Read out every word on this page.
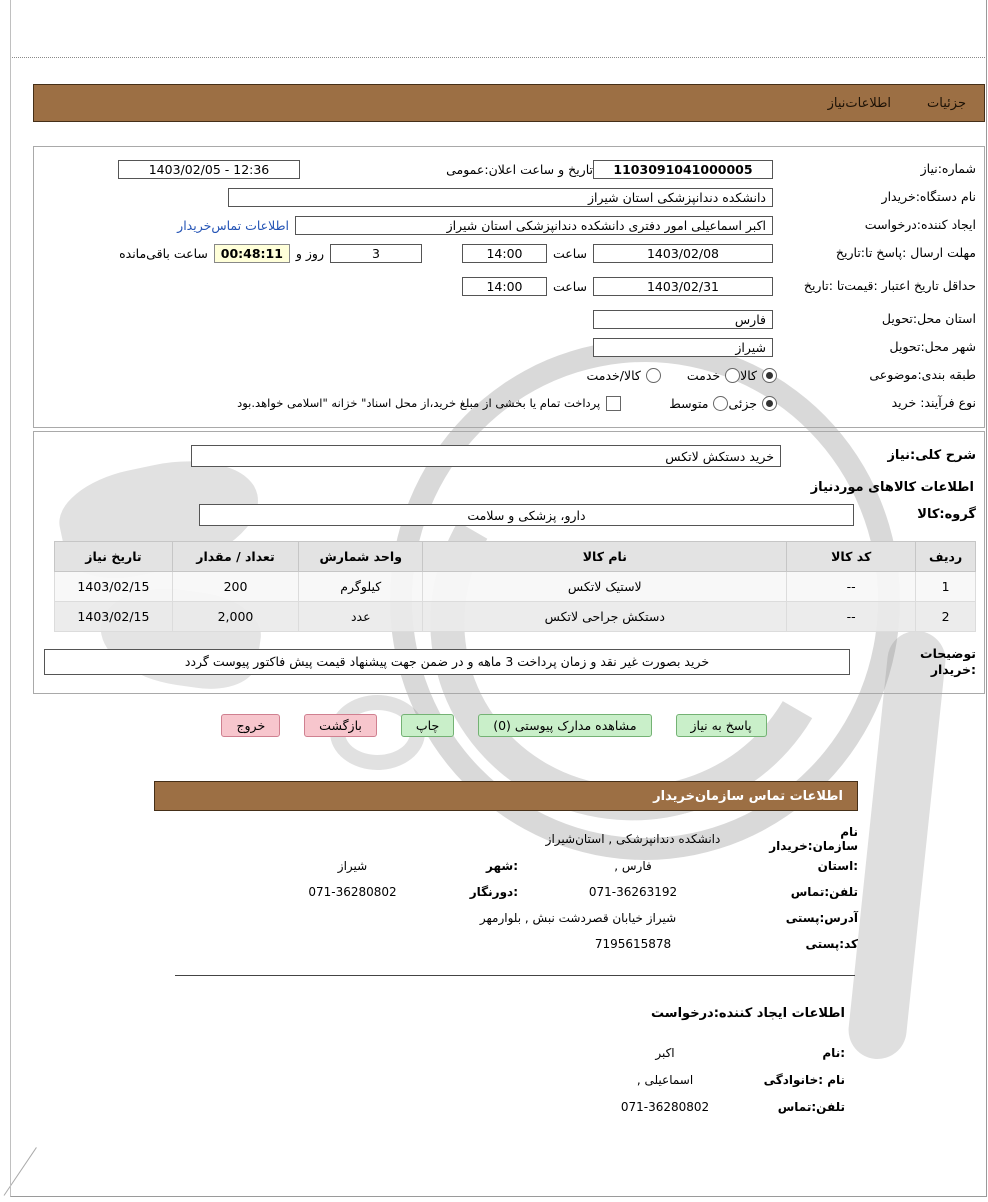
جزئیات
اطلاعات‌نیاز
شماره:نیاز
1103091041000005
تاریخ و ساعت اعلان:عمومی
1403/02/05 - 12:36
نام دستگاه:خریدار
دانشکده دندانپزشکی استان شیراز
ایجاد کننده:درخواست
اکبر اسماعیلی امور دفتری دانشکده دندانپزشکی استان شیراز
اطلاعات تماس‌خریدار
مهلت ارسال :پاسخ تا:تاریخ
1403/02/08
ساعت
14:00
3
روز و
00:48:11
ساعت باقی‌مانده
حداقل تاریخ اعتبار :قیمت‌تا :تاریخ
1403/02/31
ساعت
14:00
استان محل:تحویل
فارس
شهر محل:تحویل
شیراز
طبقه بندی:موضوعی
کالا
خدمت
کالا/خدمت
نوع فرآیند: خرید
جزئی
متوسط
پرداخت تمام یا بخشی از مبلغ خرید،از محل اسناد" خزانه "اسلامی خواهد.بود
شرح کلی:نیاز
خرید دستکش لاتکس
اطلاعات کالاهای موردنیاز
گروه:کالا
دارو، پزشکی و سلامت
ردیف	کد کالا	نام کالا	واحد شمارش	تعداد / مقدار	تاریخ نیاز
1	--	لاستیک لاتکس	کیلوگرم	200	1403/02/15
2	--	دستکش جراحی لاتکس	عدد	2,000	1403/02/15
توضیحات
:خریدار
خرید بصورت غیر نقد و زمان پرداخت 3 ماهه و در ضمن جهت پیشنهاد قیمت پیش فاکتور پیوست گردد
پاسخ به نیاز
مشاهده مدارک پیوستی (0)
چاپ
بازگشت
خروج
اطلاعات تماس سازمان‌خریدار
نام سازمان:خریدار
دانشکده دندانپزشکی , استان‌شیراز
:استان
فارس ,
:شهر
شیراز
تلفن:تماس
071-36263192
:دورنگار
071-36280802
آدرس:پستی
شیراز خیابان قصردشت نبش , بلوارمهر
کد:پستی
7195615878
اطلاعات ایجاد کننده:درخواست
:نام
اکبر
نام :خانوادگی
اسماعیلی ,
تلفن:تماس
071-36280802
